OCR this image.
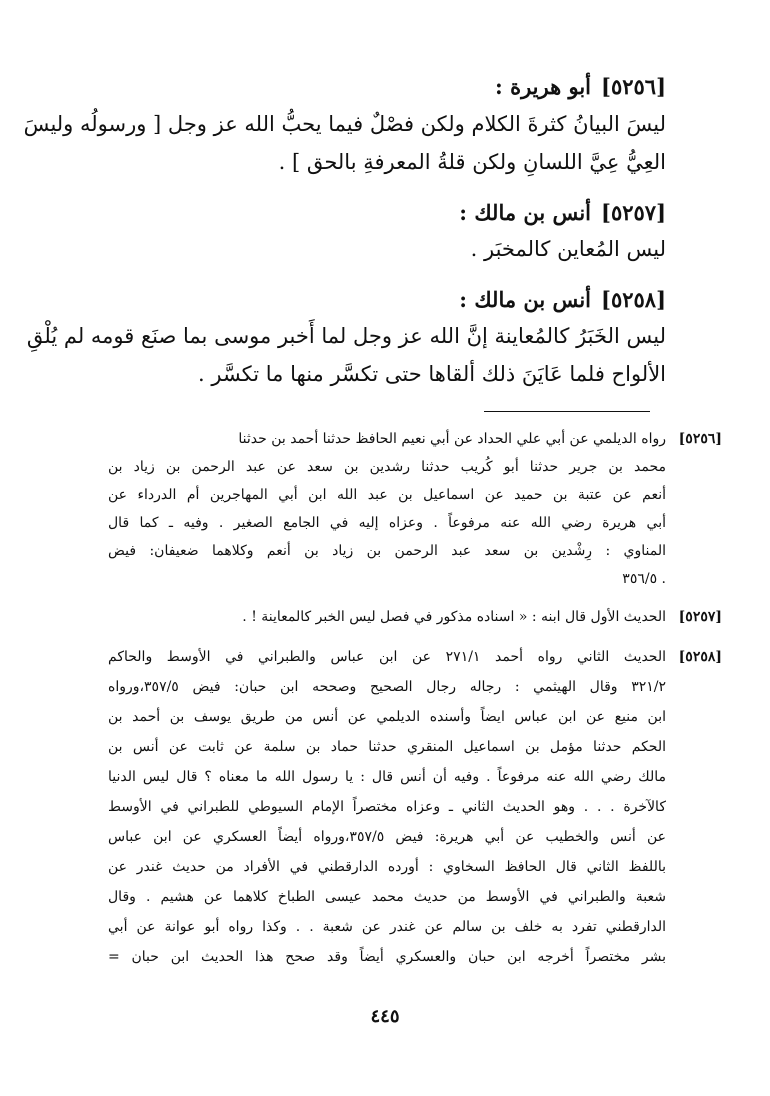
[٥٢٥٦]أبو هريرة :
ليسَ البيانُ كثرةَ الكلام ولكن فصْلٌ فيما يحبُّ الله عز وجل [ ورسولُه وليسَ
العِيُّ عِيَّ اللسانِ ولكن قلةُ المعرفةِ بالحق ] .
[٥٢٥٧]أنس بن مالك :
ليس المُعاين كالمخبَر .
[٥٢٥٨]أنس بن مالك :
ليس الخَبَرُ كالمُعاينة إنَّ الله عز وجل لما أَخبر موسى بما صنَع قومه لم يُلْقِ
الألواح فلما عَايَنَ ذلك ألقاها حتى تكسَّر منها ما تكسَّر .
[٥٢٥٦]
رواه الديلمي عن أبي علي الحداد عن أبي نعيم الحافظ حدثنا أحمد بن حدثنا
محمد بن جرير حدثنا أبو كُريب حدثنا رشدين بن سعد عن عبد الرحمن بن زياد بن
أنعم عن عتبة بن حميد عن اسماعيل بن عبد الله ابن أبي المهاجرين أم الدرداء عن
أبي هريرة رضي الله عنه مرفوعاً . وعزاه إليه في الجامع الصغير . وفيه ـ كما قال
المناوي : رِشْدين بن سعد عبد الرحمن بن زياد بن أنعم وكلاهما ضعيفان: فيض
. ٣٥٦/٥
[٥٢٥٧]
الحديث الأول قال ابنه : « اسناده مذكور في فصل ليس الخبر كالمعاينة ! .
[٥٢٥٨]
الحديث الثاني رواه أحمد ٢٧١/١ عن ابن عباس والطبراني في الأوسط والحاكم
٣٢١/٢ وقال الهيثمي : رجاله رجال الصحيح وصححه ابن حبان: فيض ٣٥٧/٥،ورواه
ابن منيع عن ابن عباس ايضاً وأسنده الديلمي عن أنس من طريق يوسف بن أحمد بن
الحكم حدثنا مؤمل بن اسماعيل المنقري حدثنا حماد بن سلمة عن ثابت عن أنس بن
مالك رضي الله عنه مرفوعاً . وفيه أن أنس قال : يا رسول الله ما معناه ؟ قال ليس الدنيا
كالآخرة . . . وهو الحديث الثاني ـ وعزاه مختصراً الإمام السيوطي للطبراني في الأوسط
عن أنس والخطيب عن أبي هريرة: فيض ٣٥٧/٥،ورواه أيضاً العسكري عن ابن عباس
باللفظ الثاني قال الحافظ السخاوي : أورده الدارقطني في الأفراد من حديث غندر عن
شعبة والطبراني في الأوسط من حديث محمد عيسى الطباخ كلاهما عن هشيم . وقال
الدارقطني تفرد به خلف بن سالم عن غندر عن شعبة . . وكذا رواه أبو عوانة عن أبي
بشر مختصراً أخرجه ابن حبان والعسكري أيضاً وقد صحح هذا الحديث ابن حبان =
٤٤٥
